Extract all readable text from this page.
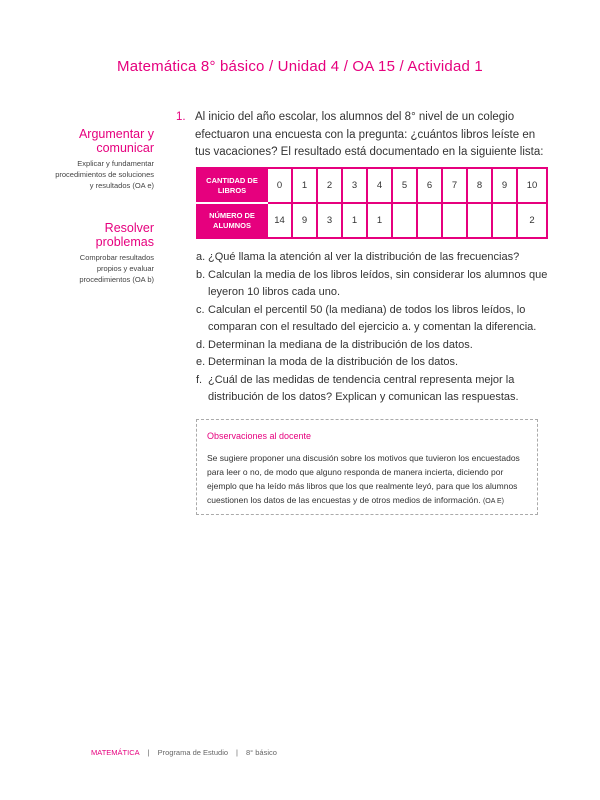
Matemática 8° básico / Unidad 4 / OA 15 / Actividad 1
Argumentar y comunicar

Explicar y fundamentar procedimientos de soluciones y resultados (OA e)

Resolver problemas

Comprobar resultados propios y evaluar procedimientos (OA b)

1. Al inicio del año escolar, los alumnos del 8° nivel de un colegio efectuaron una encuesta con la pregunta: ¿cuántos libros leíste en tus vacaciones? El resultado está documentado en la siguiente lista:
CANTIDAD DE LIBROS	0	1	2	3	4	5	6	7	8	9	10
NÚMERO DE ALUMNOS	14	9	3	1	1						2
a. ¿Qué llama la atención al ver la distribución de las frecuencias?
b. Calculan la media de los libros leídos, sin considerar los alumnos que leyeron 10 libros cada uno.
c. Calculan el percentil 50 (la mediana) de todos los libros leídos, lo comparan con el resultado del ejercicio a. y comentan la diferencia.
d. Determinan la mediana de la distribución de los datos.
e. Determinan la moda de la distribución de los datos.
f. ¿Cuál de las medidas de tendencia central representa mejor la distribución de los datos? Explican y comunican las respuestas.
Observaciones al docente

Se sugiere proponer una discusión sobre los motivos que tuvieron los encuestados para leer o no, de modo que alguno responda de manera incierta, diciendo por ejemplo que ha leído más libros que los que realmente leyó, para que los alumnos cuestionen los datos de las encuestas y de otros medios de información. (OA E)

MATEMÁTICA | Programa de Estudio | 8° básico
